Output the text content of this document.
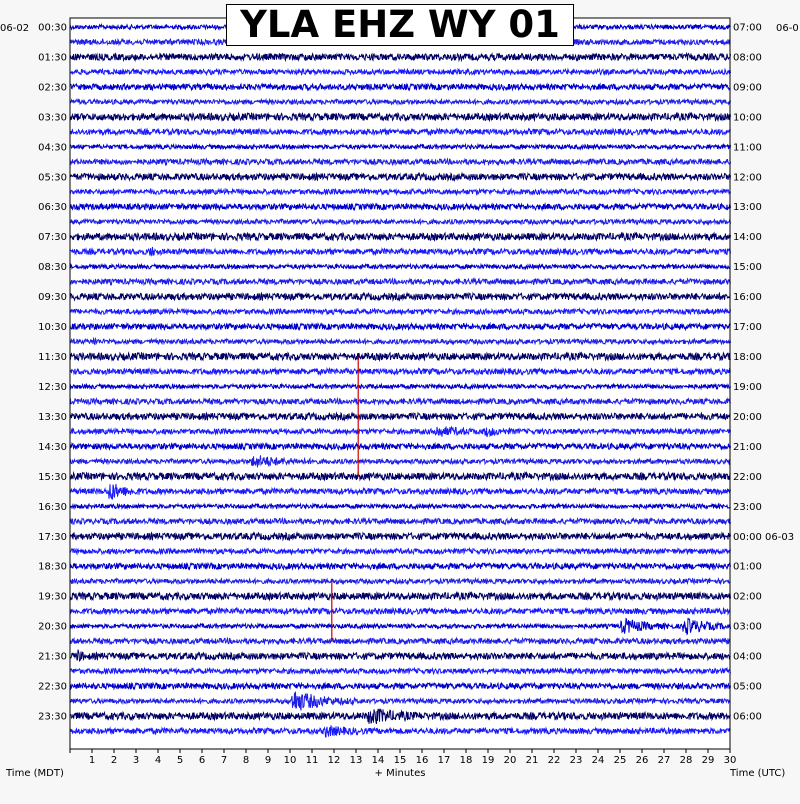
1 2 3 4 5 6 7 8 9 10 11 12 13 14 15 16 17 18 19 20 21 22 23 24 25 26 27 28 29 30
00:30
01:30
02:30
03:30
04:30
05:30
06:30
07:30
08:30
09:30
10:30
11:30
12:30
13:30
14:30
15:30
16:30
17:30
18:30
19:30
20:30
21:30
22:30
23:30
07:00
08:00
09:00
10:00
11:00
12:00
13:00
14:00
15:00
16:00
17:00
18:00
19:00
20:00
21:00
22:00
23:00
00:00 06-03
01:00
02:00
03:00
04:00
05:00
06:00
06-02	06-0
Time (MDT)	+ Minutes	Time (UTC)
YLA EHZ WY 01
